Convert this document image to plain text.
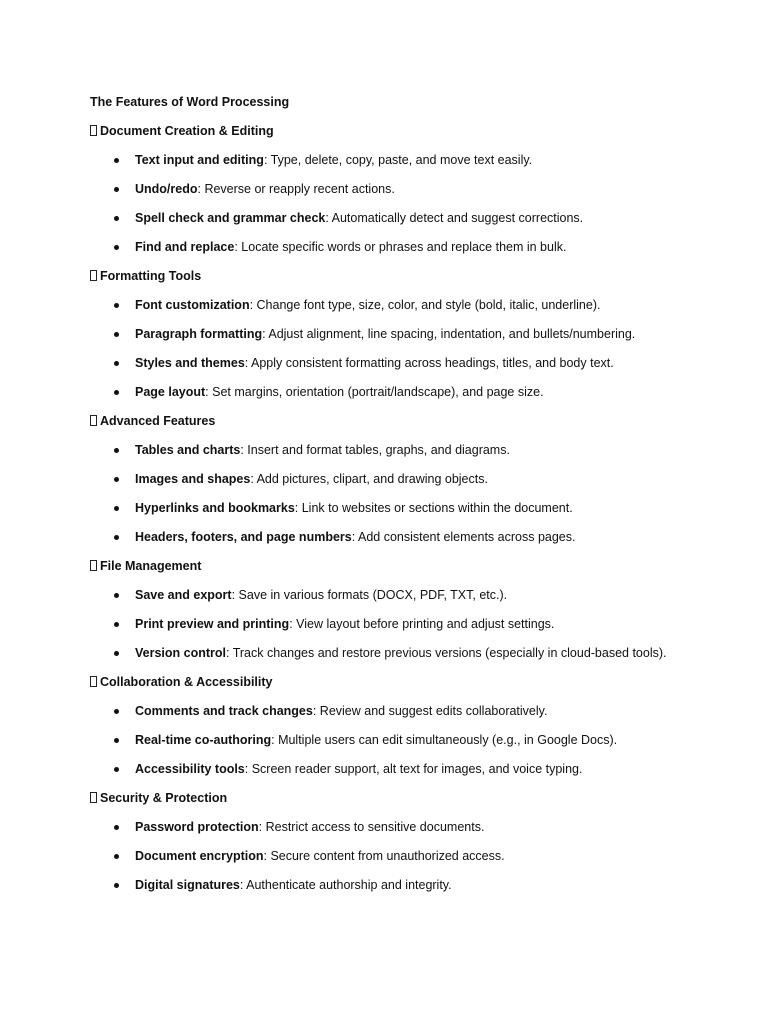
The Features of Word Processing
Document Creation & Editing
Text input and editing: Type, delete, copy, paste, and move text easily.
Undo/redo: Reverse or reapply recent actions.
Spell check and grammar check: Automatically detect and suggest corrections.
Find and replace: Locate specific words or phrases and replace them in bulk.
Formatting Tools
Font customization: Change font type, size, color, and style (bold, italic, underline).
Paragraph formatting: Adjust alignment, line spacing, indentation, and bullets/numbering.
Styles and themes: Apply consistent formatting across headings, titles, and body text.
Page layout: Set margins, orientation (portrait/landscape), and page size.
Advanced Features
Tables and charts: Insert and format tables, graphs, and diagrams.
Images and shapes: Add pictures, clipart, and drawing objects.
Hyperlinks and bookmarks: Link to websites or sections within the document.
Headers, footers, and page numbers: Add consistent elements across pages.
File Management
Save and export: Save in various formats (DOCX, PDF, TXT, etc.).
Print preview and printing: View layout before printing and adjust settings.
Version control: Track changes and restore previous versions (especially in cloud-based tools).
Collaboration & Accessibility
Comments and track changes: Review and suggest edits collaboratively.
Real-time co-authoring: Multiple users can edit simultaneously (e.g., in Google Docs).
Accessibility tools: Screen reader support, alt text for images, and voice typing.
Security & Protection
Password protection: Restrict access to sensitive documents.
Document encryption: Secure content from unauthorized access.
Digital signatures: Authenticate authorship and integrity.
